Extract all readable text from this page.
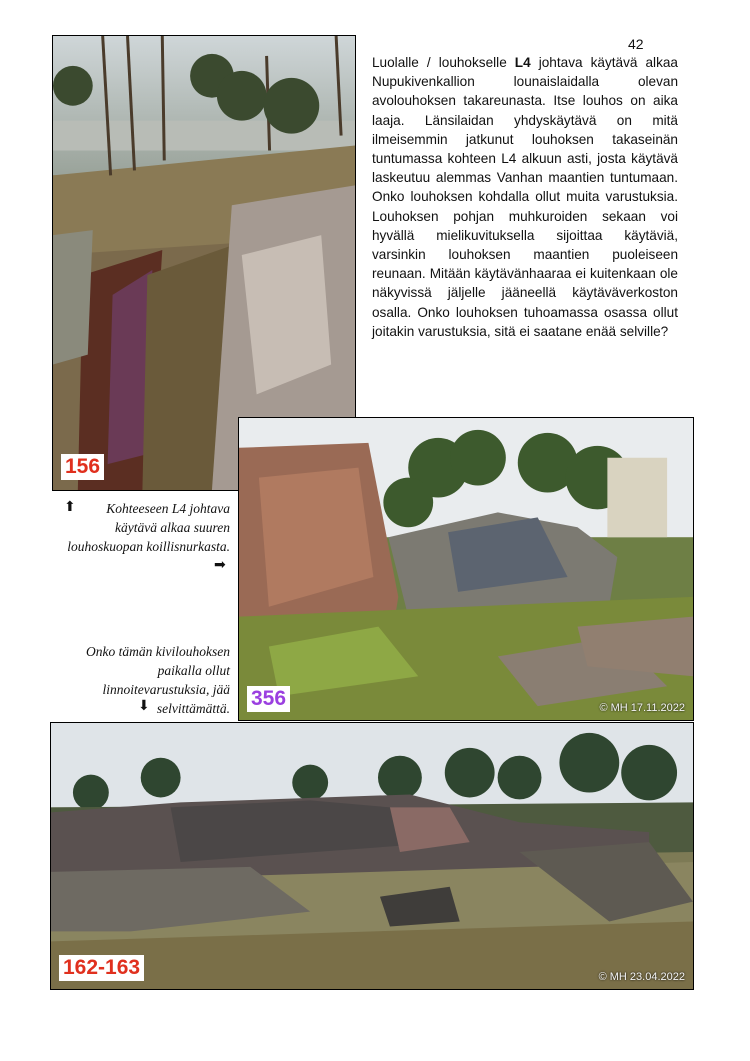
42

Luolalle / louhokselle L4 johtava käytävä alkaa Nupukivenkallion lounaislaidalla olevan avolouhoksen takareunasta. Itse louhos on aika laaja. Länsilaidan yhdyskäytävä on mitä ilmeisemmin jatkunut louhoksen takaseinän tuntumassa kohteen L4 alkuun asti, josta käytävä laskeutuu alemmas Vanhan maantien tuntumaan. Onko louhoksen kohdalla ollut muita varustuksia. Louhoksen pohjan muhkuroiden sekaan voi hyvällä mielikuvituksella sijoittaa käytäviä, varsinkin louhoksen maantien puoleiseen reunaan. Mitään käytävänhaaraa ei kuitenkaan ole näkyvissä jäljelle jääneellä käytäväverkoston osalla. Onko louhoksen tuhoamassa osassa ollut joitakin varustuksia, sitä ei saatane enää selville?

156
356	© MH 17.11.2022
162-163	© MH 23.04.2022
⬆	Kohteeseen L4 johtava käytävä alkaa suuren louhoskuopan koillisnurkasta.

➡

Onko tämän kivilouhoksen paikalla ollut linnoitevarustuksia, jää selvittämättä.

⬇
